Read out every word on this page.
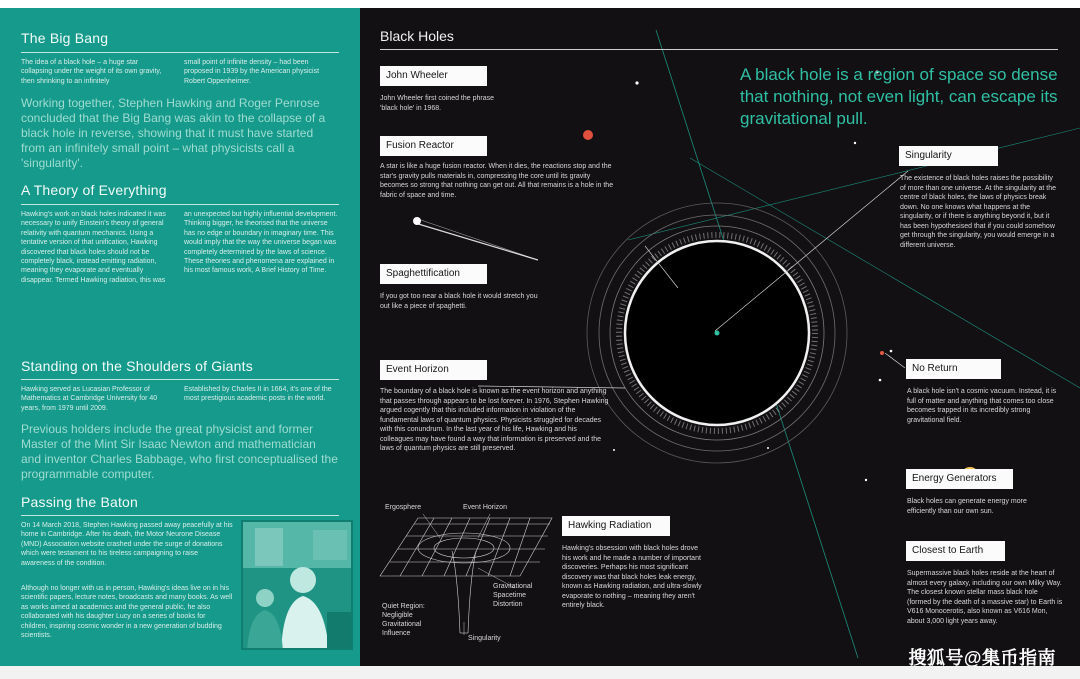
The Big Bang
The idea of a black hole – a huge star collapsing under the weight of its own gravity, then shrinking to an infinitely
small point of infinite density – had been proposed in 1939 by the American physicist Robert Oppenheimer.
Working together, Stephen Hawking and Roger Penrose concluded that the Big Bang was akin to the collapse of a black hole in reverse, showing that it must have started from an infinitely small point – what physicists call a 'singularity'.
A Theory of Everything
Hawking's work on black holes indicated it was necessary to unify Einstein's theory of general relativity with quantum mechanics. Using a tentative version of that unification, Hawking discovered that black holes should not be completely black, instead emitting radiation, meaning they evaporate and eventually disappear. Termed Hawking radiation, this was
an unexpected but highly influential development. Thinking bigger, he theorised that the universe has no edge or boundary in imaginary time. This would imply that the way the universe began was completely determined by the laws of science. These theories and phenomena are explained in his most famous work, A Brief History of Time.
Standing on the Shoulders of Giants
Hawking served as Lucasian Professor of Mathematics at Cambridge University for 40 years, from 1979 until 2009.
Established by Charles II in 1664, it's one of the most prestigious academic posts in the world.
Previous holders include the great physicist and former Master of the Mint Sir Isaac Newton and mathematician and inventor Charles Babbage, who first conceptualised the programmable computer.
Passing the Baton
On 14 March 2018, Stephen Hawking passed away peacefully at his home in Cambridge. After his death, the Motor Neurone Disease (MND) Association website crashed under the surge of donations which were testament to his tireless campaigning to raise awareness of the condition.
Although no longer with us in person, Hawking's ideas live on in his scientific papers, lecture notes, broadcasts and many books. As well as works aimed at academics and the general public, he also collaborated with his daughter Lucy on a series of books for children, inspiring cosmic wonder in a new generation of budding scientists.
Black Holes
A black hole is a region of space so dense that nothing, not even light, can escape its gravitational pull.
John Wheeler
John Wheeler first coined the phrase 'black hole' in 1968.
Fusion Reactor
A star is like a huge fusion reactor. When it dies, the reactions stop and the star's gravity pulls materials in, compressing the core until its gravity becomes so strong that nothing can get out. All that remains is a hole in the fabric of space and time.
Spaghettification
If you got too near a black hole it would stretch you out like a piece of spaghetti.
Event Horizon
The boundary of a black hole is known as the event horizon and anything that passes through appears to be lost forever. In 1976, Stephen Hawking argued cogently that this included information in violation of the fundamental laws of quantum physics. Physicists struggled for decades with this conundrum. In the last year of his life, Hawking and his colleagues may have found a way that information is preserved and the laws of quantum physics are still preserved.
Singularity
The existence of black holes raises the possibility of more than one universe. At the singularity at the centre of black holes, the laws of physics break down. No one knows what happens at the singularity, or if there is anything beyond it, but it has been hypothesised that if you could somehow get through the singularity, you would emerge in a different universe.
No Return
A black hole isn't a cosmic vacuum. Instead, it is full of matter and anything that comes too close becomes trapped in its incredibly strong gravitational field.
Energy Generators
Black holes can generate energy more efficiently than our own sun.
Closest to Earth
Supermassive black holes reside at the heart of almost every galaxy, including our own Milky Way. The closest known stellar mass black hole (formed by the death of a massive star) to Earth is V616 Monocerotis, also known as V616 Mon, about 3,000 light years away.
Hawking Radiation
Hawking's obsession with black holes drove his work and he made a number of important discoveries. Perhaps his most significant discovery was that black holes leak energy, known as Hawking radiation, and ultra-slowly evaporate to nothing – meaning they aren't entirely black.
Ergosphere	Event Horizon
Gravitational Spacetime Distortion
Quiet Region: Negligible Gravitational Influence
Singularity
搜狐号@集币指南
